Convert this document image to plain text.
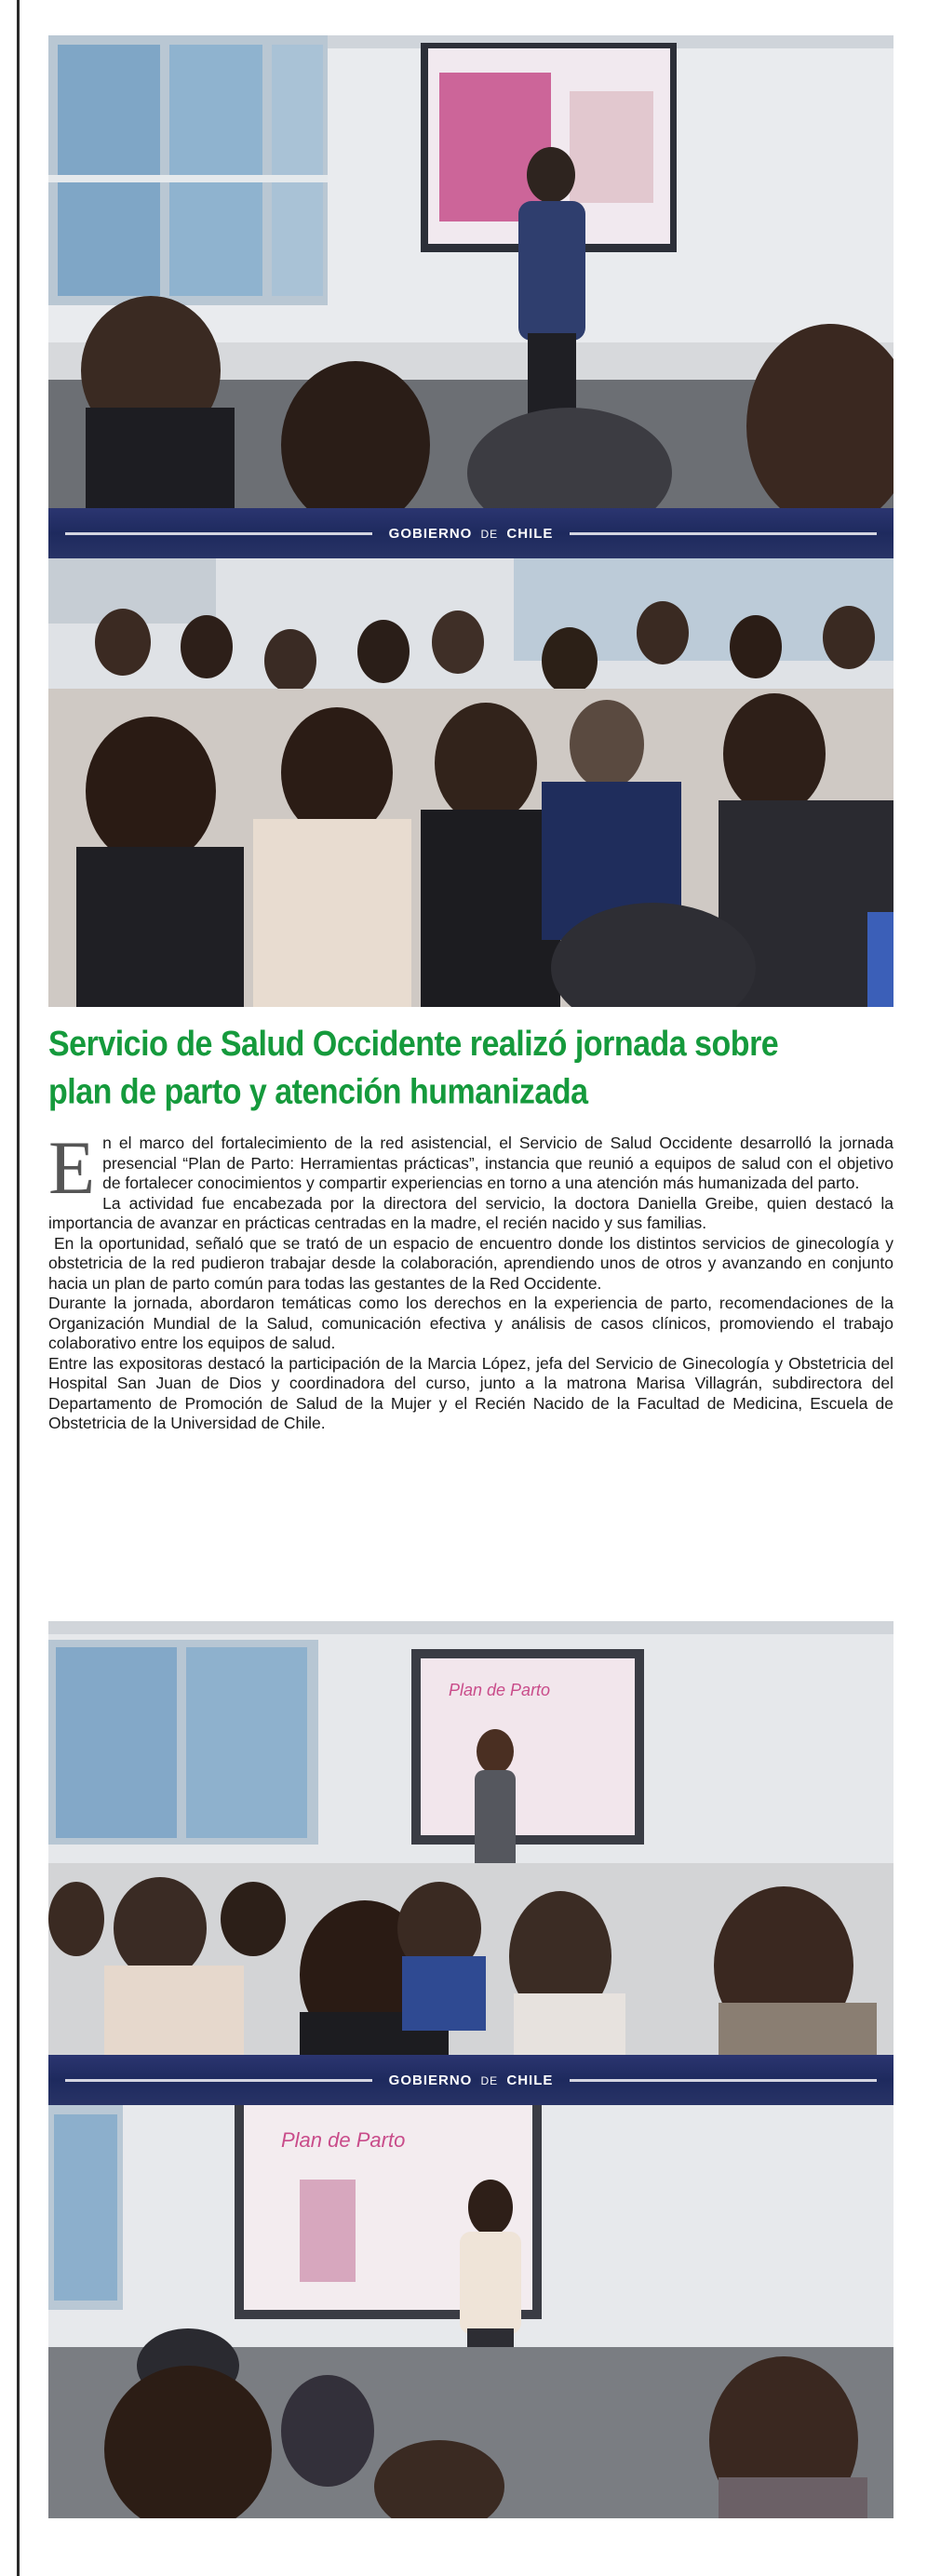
GOBIERNO DE CHILE
Servicio de Salud Occidente realizó jornada sobre
plan de parto y atención humanizada

En el marco del fortalecimiento de la red asistencial, el Servicio de Salud Occidente desarrolló la jornada presencial “Plan de Parto: Herramientas prácticas”, instancia que reunió a equipos de salud con el objetivo de fortalecer conocimientos y compartir experiencias en torno a una atención más humanizada del parto.

La actividad fue encabezada por la directora del servicio, la doctora Daniella Greibe, quien destacó la importancia de avanzar en prácticas centradas en la madre, el recién nacido y sus familias.

En la oportunidad, señaló que se trató de un espacio de encuentro donde los distintos servicios de ginecología y obstetricia de la red pudieron trabajar desde la colaboración, aprendiendo unos de otros y avanzando en conjunto hacia un plan de parto común para todas las gestantes de la Red Occidente.

Durante la jornada, abordaron temáticas como los derechos en la experiencia de parto, recomendaciones de la Organización Mundial de la Salud, comunicación efectiva y análisis de casos clínicos, promoviendo el trabajo colaborativo entre los equipos de salud.

Entre las expositoras destacó la participación de la Marcia López, jefa del Servicio de Ginecología y Obstetricia del Hospital San Juan de Dios y coordinadora del curso, junto a la matrona Marisa Villagrán, subdirectora del Departamento de Promoción de Salud de la Mujer y el Recién Nacido de la Facultad de Medicina, Escuela de Obstetricia de la Universidad de Chile.

Plan de Parto
GOBIERNO DE CHILE
Plan de Parto
